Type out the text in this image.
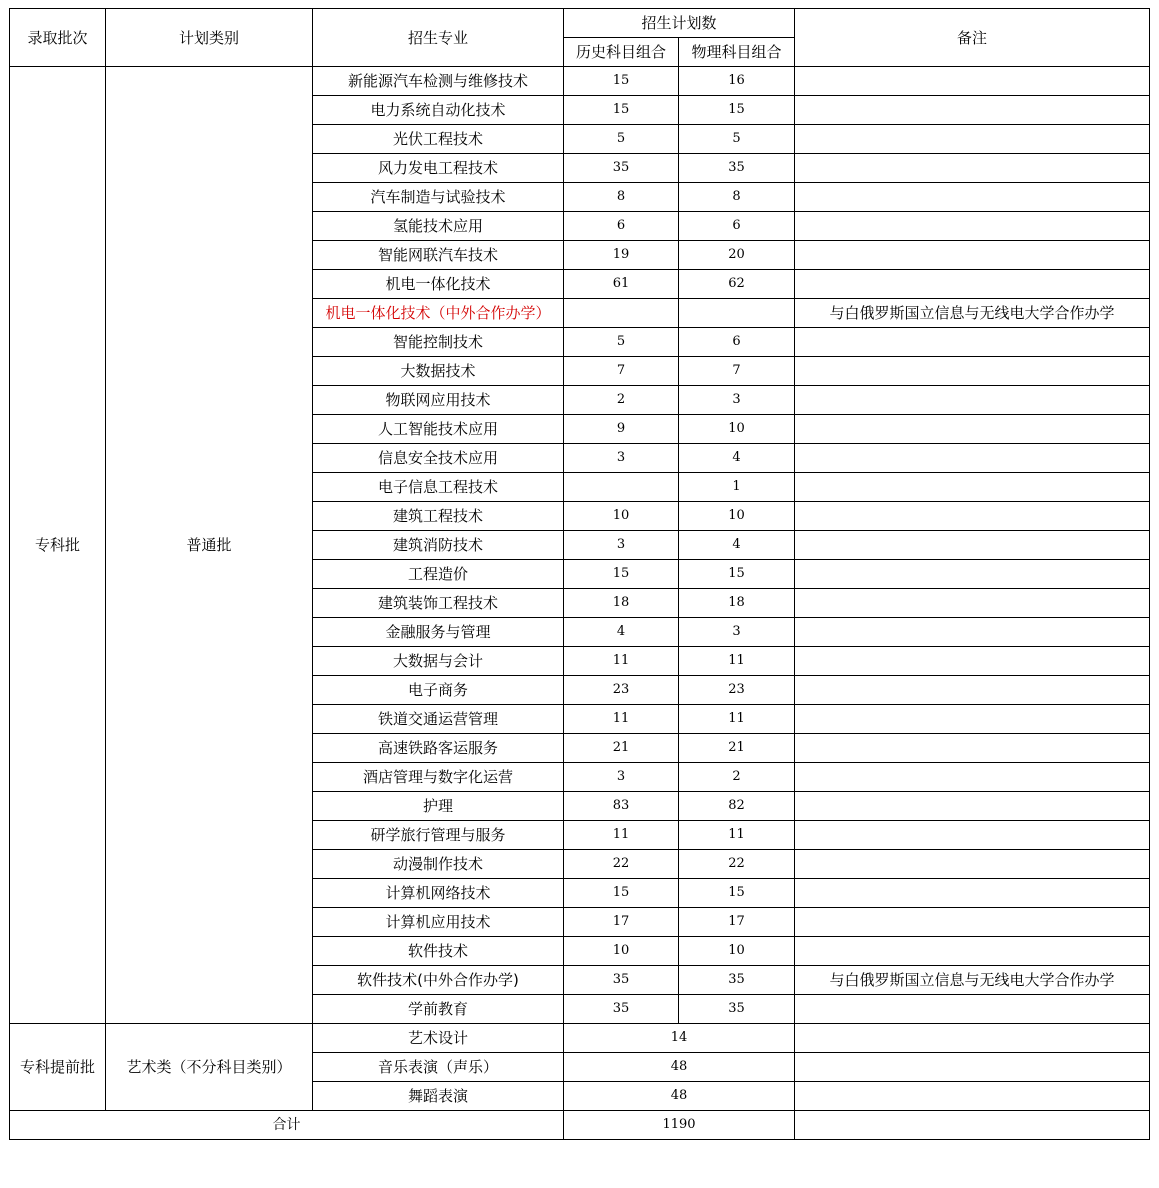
录取批次	计划类别	招生专业	招生计划数		备注
			历史科目组合	物理科目组合	
专科批	普通批	新能源汽车检测与维修技术	15	16	
		电力系统自动化技术	15	15	
		光伏工程技术	5	5	
		风力发电工程技术	35	35	
		汽车制造与试验技术	8	8	
		氢能技术应用	6	6	
		智能网联汽车技术	19	20	
		机电一体化技术	61	62	
		机电一体化技术（中外合作办学）			与白俄罗斯国立信息与无线电大学合作办学
		智能控制技术	5	6	
		大数据技术	7	7	
		物联网应用技术	2	3	
		人工智能技术应用	9	10	
		信息安全技术应用	3	4	
		电子信息工程技术		1	
		建筑工程技术	10	10	
		建筑消防技术	3	4	
		工程造价	15	15	
		建筑装饰工程技术	18	18	
		金融服务与管理	4	3	
		大数据与会计	11	11	
		电子商务	23	23	
		铁道交通运营管理	11	11	
		高速铁路客运服务	21	21	
		酒店管理与数字化运营	3	2	
		护理	83	82	
		研学旅行管理与服务	11	11	
		动漫制作技术	22	22	
		计算机网络技术	15	15	
		计算机应用技术	17	17	
		软件技术	10	10	
		软件技术(中外合作办学)	35	35	与白俄罗斯国立信息与无线电大学合作办学
		学前教育	35	35	
专科提前批	艺术类（不分科目类别）	艺术设计	14		
		音乐表演（声乐）	48		
		舞蹈表演	48		
合计			1190		
